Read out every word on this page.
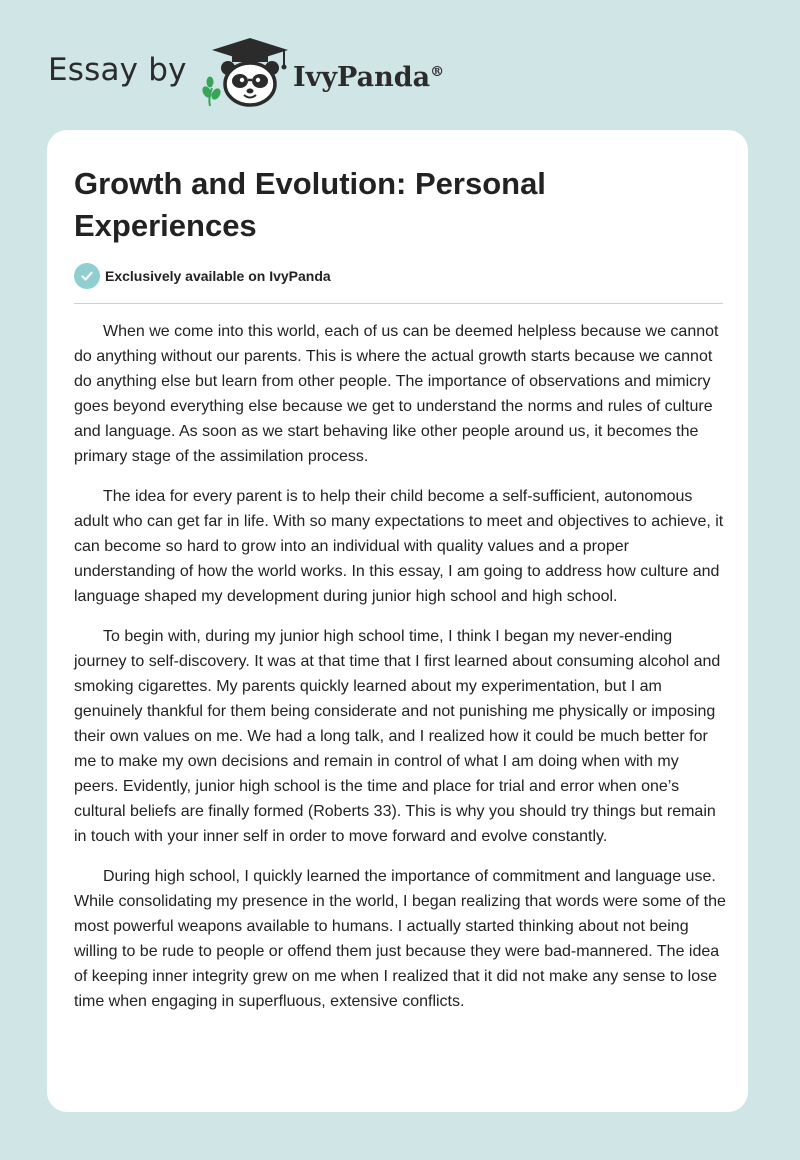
Essay by	IvyPanda®
Growth and Evolution: Personal Experiences
Exclusively available on IvyPanda

When we come into this world, each of us can be deemed helpless because we cannot do anything without our parents. This is where the actual growth starts because we cannot do anything else but learn from other people. The importance of observations and mimicry goes beyond everything else because we get to understand the norms and rules of culture and language. As soon as we start behaving like other people around us, it becomes the primary stage of the assimilation process.

The idea for every parent is to help their child become a self-sufficient, autonomous adult who can get far in life. With so many expectations to meet and objectives to achieve, it can become so hard to grow into an individual with quality values and a proper understanding of how the world works. In this essay, I am going to address how culture and language shaped my development during junior high school and high school.

To begin with, during my junior high school time, I think I began my never-ending journey to self-discovery. It was at that time that I first learned about consuming alcohol and smoking cigarettes. My parents quickly learned about my experimentation, but I am genuinely thankful for them being considerate and not punishing me physically or imposing their own values on me. We had a long talk, and I realized how it could be much better for me to make my own decisions and remain in control of what I am doing when with my peers. Evidently, junior high school is the time and place for trial and error when one’s cultural beliefs are finally formed (Roberts 33). This is why you should try things but remain in touch with your inner self in order to move forward and evolve constantly.

During high school, I quickly learned the importance of commitment and language use. While consolidating my presence in the world, I began realizing that words were some of the most powerful weapons available to humans. I actually started thinking about not being willing to be rude to people or offend them just because they were bad-mannered. The idea of keeping inner integrity grew on me when I realized that it did not make any sense to lose time when engaging in superfluous, extensive conflicts.
